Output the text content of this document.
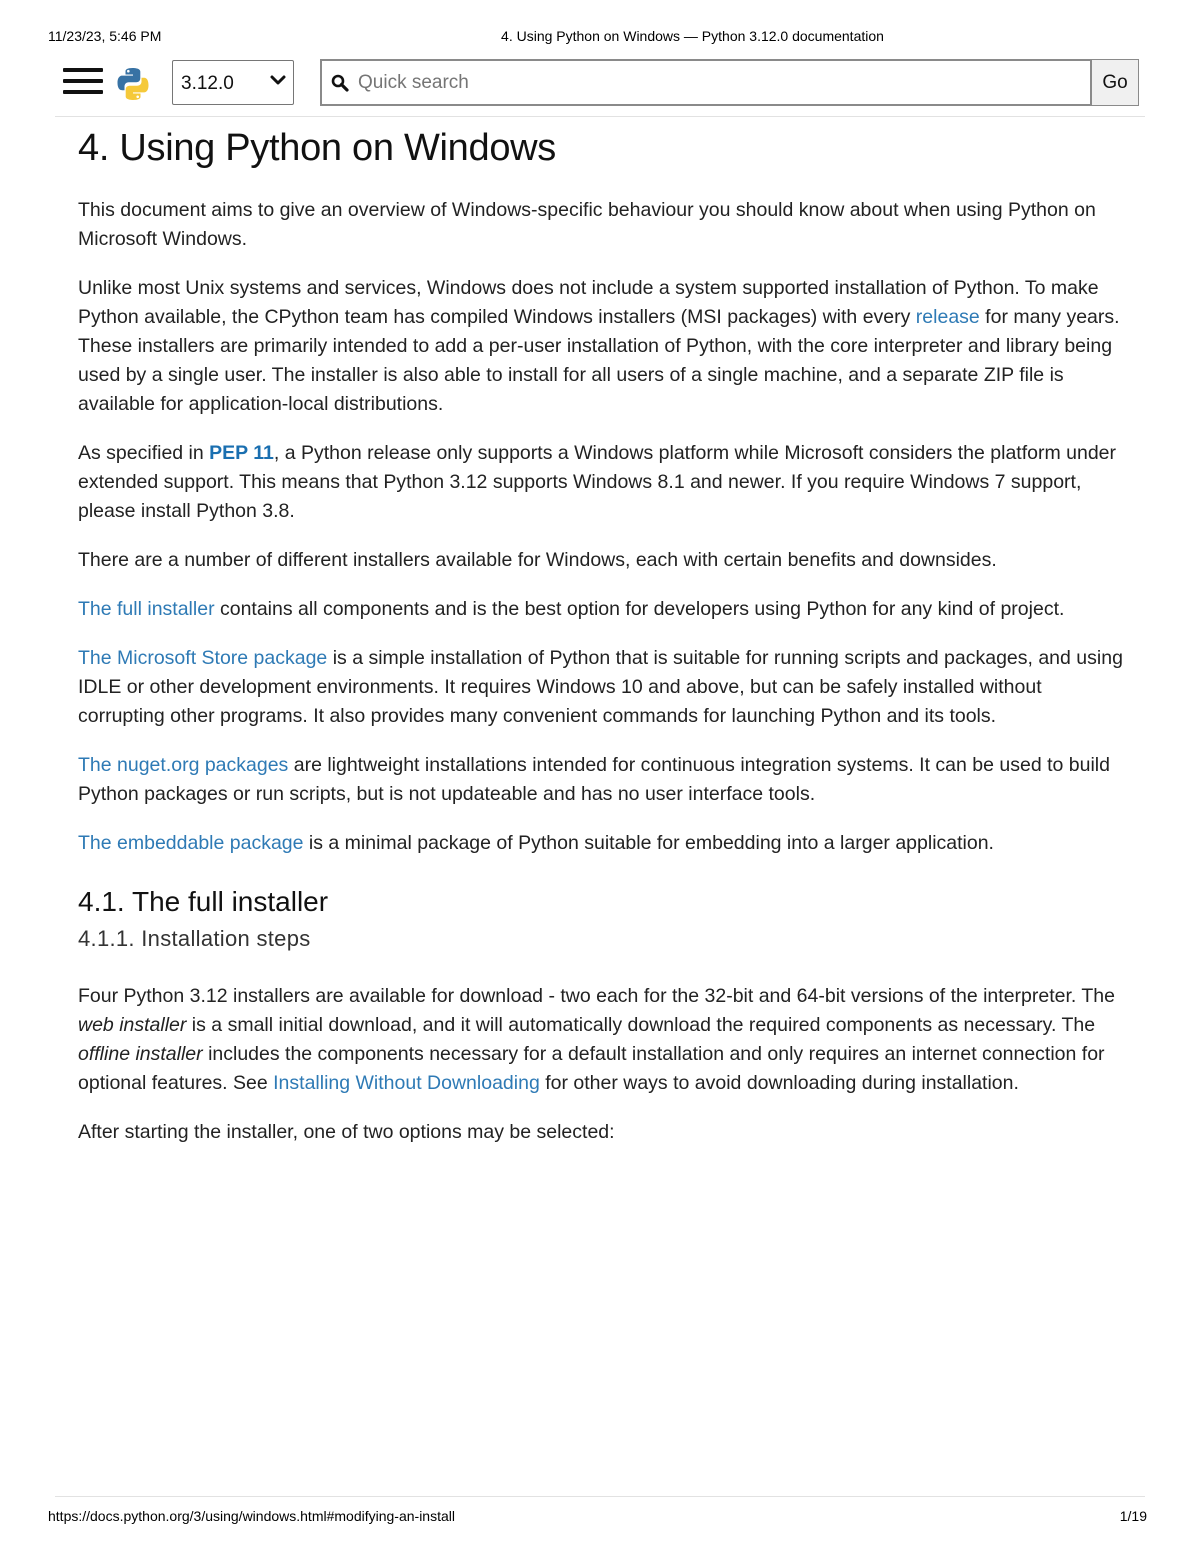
11/23/23, 5:46 PM	4. Using Python on Windows — Python 3.12.0 documentation
3.12.0
Quick search	Go
4. Using Python on Windows

This document aims to give an overview of Windows-specific behaviour you should know about when using Python on Microsoft Windows.

Unlike most Unix systems and services, Windows does not include a system supported installation of Python. To make Python available, the CPython team has compiled Windows installers (MSI packages) with every release for many years. These installers are primarily intended to add a per-user installation of Python, with the core interpreter and library being used by a single user. The installer is also able to install for all users of a single machine, and a separate ZIP file is available for application-local distributions.

As specified in PEP 11, a Python release only supports a Windows platform while Microsoft considers the platform under extended support. This means that Python 3.12 supports Windows 8.1 and newer. If you require Windows 7 support, please install Python 3.8.

There are a number of different installers available for Windows, each with certain benefits and downsides.

The full installer contains all components and is the best option for developers using Python for any kind of project.

The Microsoft Store package is a simple installation of Python that is suitable for running scripts and packages, and using IDLE or other development environments. It requires Windows 10 and above, but can be safely installed without corrupting other programs. It also provides many convenient commands for launching Python and its tools.

The nuget.org packages are lightweight installations intended for continuous integration systems. It can be used to build Python packages or run scripts, but is not updateable and has no user interface tools.

The embeddable package is a minimal package of Python suitable for embedding into a larger application.

4.1. The full installer
4.1.1. Installation steps

Four Python 3.12 installers are available for download - two each for the 32-bit and 64-bit versions of the interpreter. The web installer is a small initial download, and it will automatically download the required components as necessary. The offline installer includes the components necessary for a default installation and only requires an internet connection for optional features. See Installing Without Downloading for other ways to avoid downloading during installation.

After starting the installer, one of two options may be selected:

https://docs.python.org/3/using/windows.html#modifying-an-install	1/19
